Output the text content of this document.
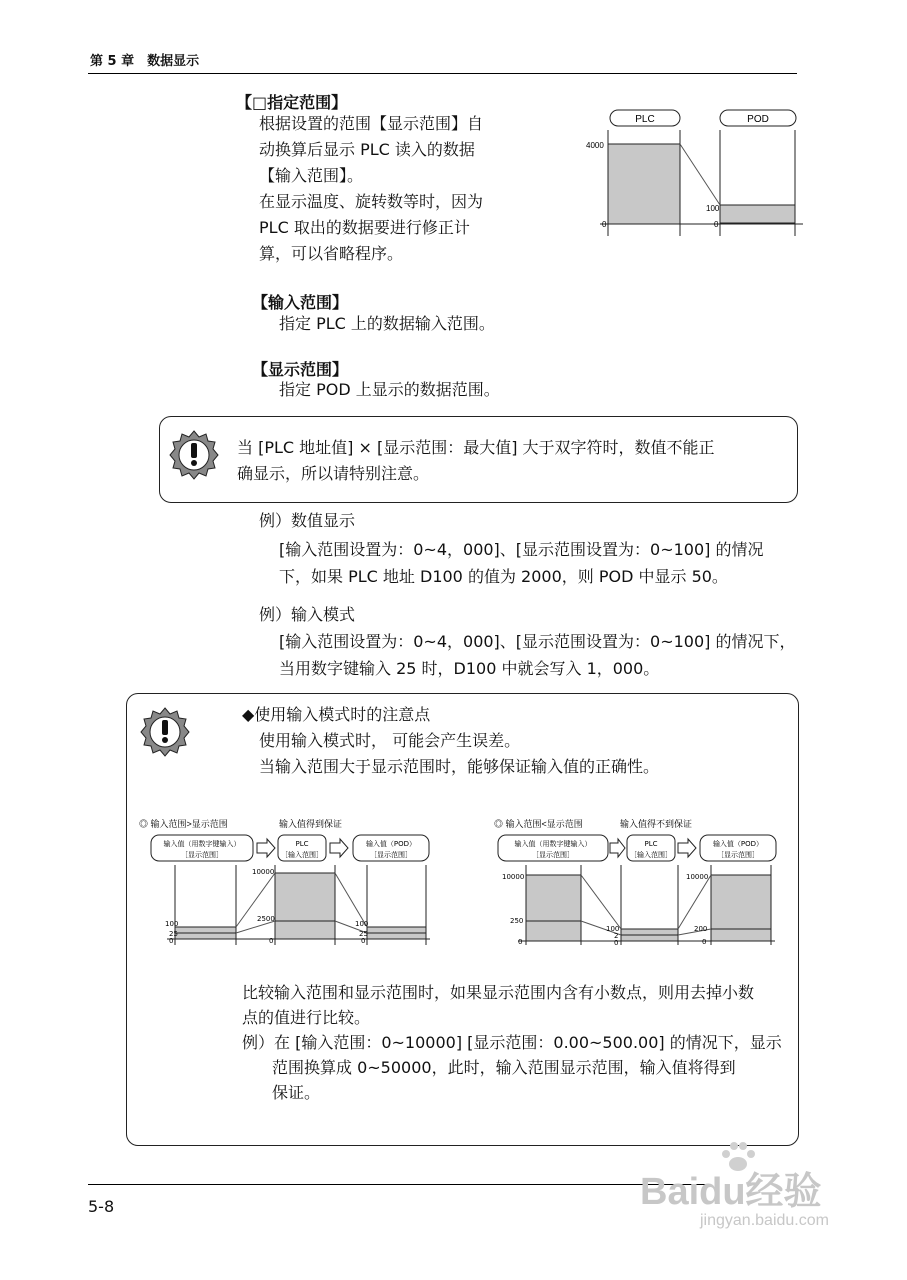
第 5 章　数据显示
【□指定范围】
根据设置的范围【显示范围】自
动换算后显示 PLC 读入的数据
【输入范围】。
在显示温度、旋转数等时，因为
PLC 取出的数据要进行修正计
算，可以省略程序。
PLC	POD
4000
0
100
0
【输入范围】
指定 PLC 上的数据输入范围。
【显示范围】
指定 POD 上显示的数据范围。
当 [PLC 地址值] × [显示范围：最大值] 大于双字符时，数值不能正
确显示，所以请特别注意。
例）数值显示
[输入范围设置为：0~4，000]、[显示范围设置为：0~100] 的情况
下，如果 PLC 地址 D100 的值为 2000，则 POD 中显示 50。
例）输入模式
[输入范围设置为：0~4，000]、[显示范围设置为：0~100] 的情况下，
当用数字键输入 25 时，D100 中就会写入 1，000。
◆使用输入模式时的注意点
使用输入模式时， 可能会产生误差。
当输入范围大于显示范围时，能够保证输入值的正确性。
◎ 输入范围>显示范围	输入值得到保证
输入值（用数字键输入）
［显示范围］
PLC
［输入范围］
输入值（POD）
［显示范围］
100
25
0
10000
2500
0
100
25
0
◎ 输入范围<显示范围	输入值得不到保证
输入值（用数字键输入）
［显示范围］
PLC
［输入范围］
输入值（POD）
［显示范围］
10000
250
0
100
2
0
10000
200
0
比较输入范围和显示范围时，如果显示范围内含有小数点，则用去掉小数
点的值进行比较。
例）在 [输入范围：0~10000] [显示范围：0.00~500.00] 的情况下，显示
范围换算成 0~50000，此时，输入范围显示范围，输入值将得到
保证。
5-8	Baidu经验
jingyan.baidu.com
